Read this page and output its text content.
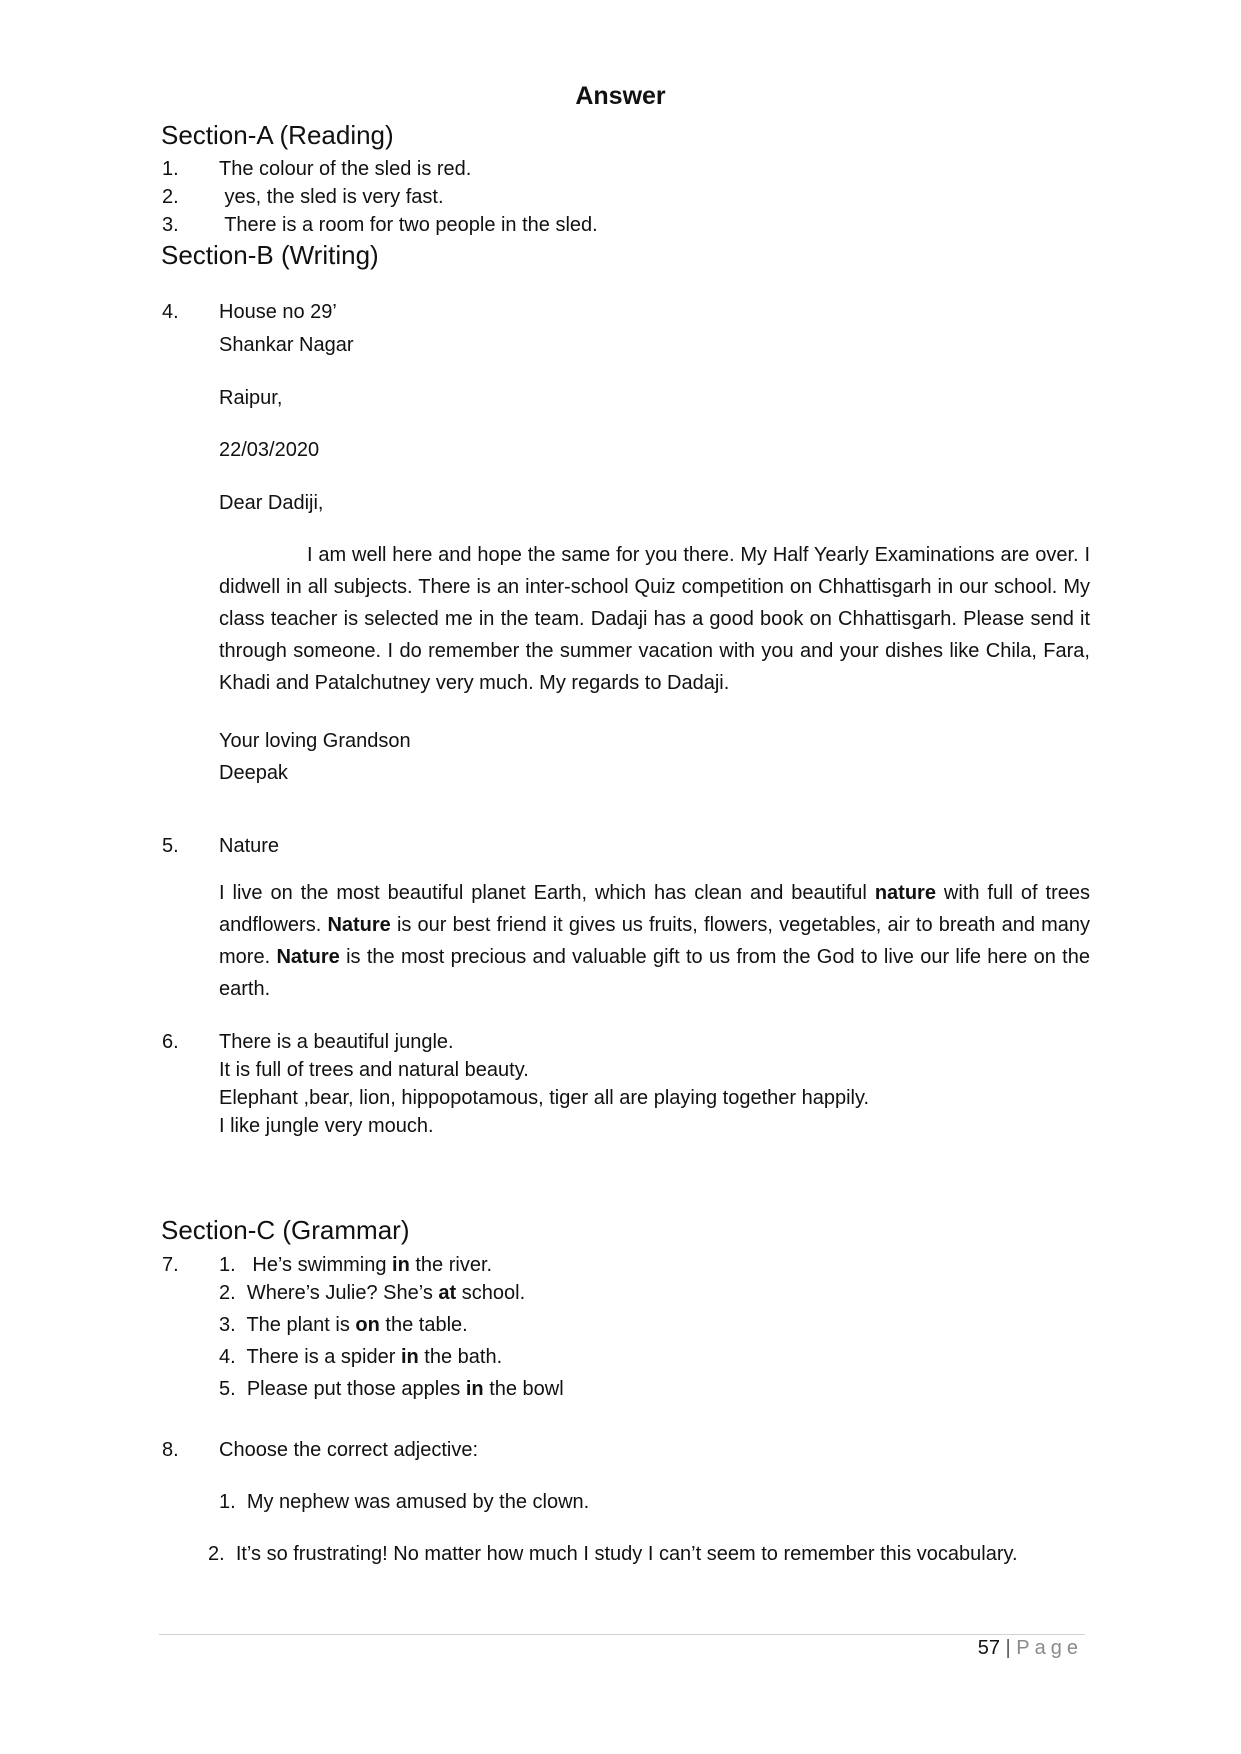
Answer
Section-A (Reading)
1. The colour of the sled is red.
2. yes, the sled is very fast.
3. There is a room for two people in the sled.
Section-B (Writing)
4. House no 29’
Shankar Nagar
Raipur,
22/03/2020
Dear Dadiji,
I am well here and hope the same for you there. My Half Yearly Examinations are over. I didwell in all subjects. There is an inter-school Quiz competition on Chhattisgarh in our school. My class teacher is selected me in the team. Dadaji has a good book on Chhattisgarh. Please send it through someone. I do remember the summer vacation with you and your dishes like Chila, Fara, Khadi and Patalchutney very much. My regards to Dadaji.
Your loving Grandson
Deepak
5. Nature
I live on the most beautiful planet Earth, which has clean and beautiful nature with full of trees andflowers. Nature is our best friend it gives us fruits, flowers, vegetables, air to breath and many more. Nature is the most precious and valuable gift to us from the God to live our life here on the earth.
6. There is a beautiful jungle.
It is full of trees and natural beauty.
Elephant ,bear, lion, hippopotamous, tiger all are playing together happily.
I like jungle very mouch.
Section-C (Grammar)
7. 1.   He’s swimming in the river.
2. Where’s Julie? She’s at school.
3. The plant is on the table.
4. There is a spider in the bath.
5. Please put those apples in the bowl
8. Choose the correct adjective:
1. My nephew was amused by the clown.
2. It’s so frustrating! No matter how much I study I can’t seem to remember this vocabulary.
57 | Page
